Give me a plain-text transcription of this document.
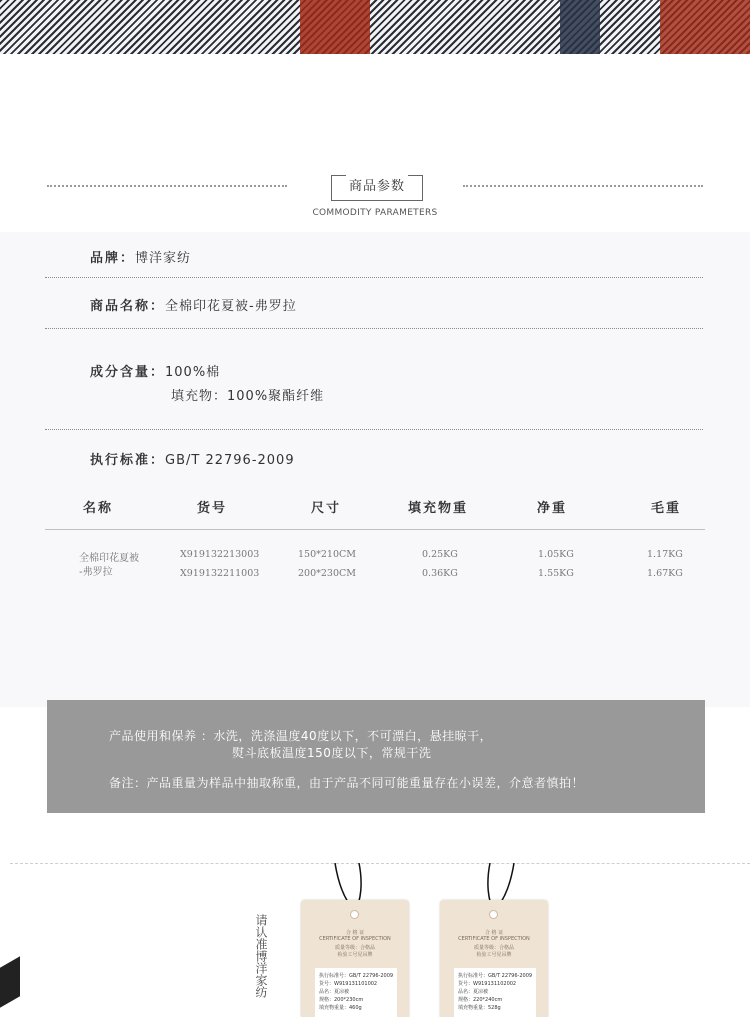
商品参数
COMMODITY PARAMETERS
品牌：博洋家纺
商品名称：全棉印花夏被-弗罗拉
成分含量：100%棉
填充物：100%聚酯纤维
执行标准：GB/T 22796-2009
名称	货号	尺寸	填充物重	净重	毛重
全棉印花夏被
-弗罗拉
X919132213003	150*210CM	0.25KG	1.05KG	1.17KG
X919132211003	200*230CM	0.36KG	1.55KG	1.67KG
产品使用和保养 ：水洗，洗涤温度40度以下，不可漂白，悬挂晾干，
熨斗底板温度150度以下，常规干洗
备注：产品重量为样品中抽取称重，由于产品不同可能重量存在小误差，介意者慎拍！
请认准博洋家纺	合 格 证
CERTIFICATE OF INSPECTION
质量等级：合格品
检验工号见吊牌
执行标准号：GB/T 22796-2009
货号：W919131101002
品名：夏凉被
规格：200*230cm
填充物重量：460g
合 格 证
CERTIFICATE OF INSPECTION
质量等级：合格品
检验工号见吊牌
执行标准号：GB/T 22796-2009
货号：W919131102002
品名：夏凉被
规格：220*240cm
填充物重量：528g
